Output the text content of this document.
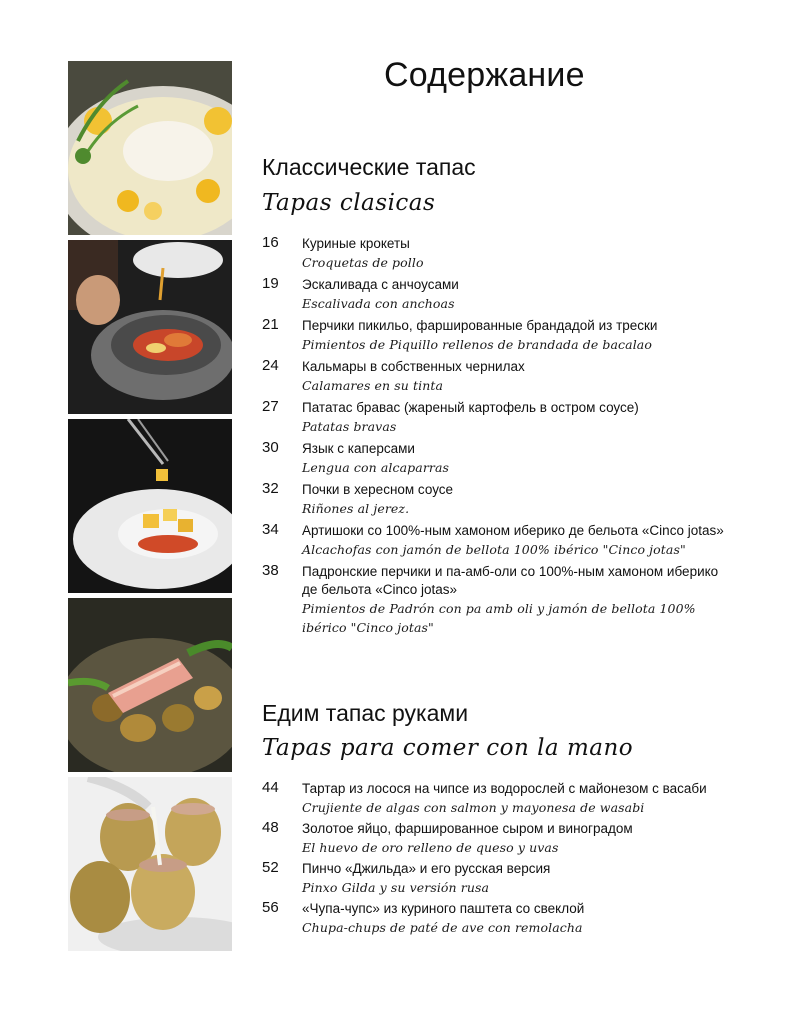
Содержание
Классические тапас
Tapas clasicas
16 Куриные крокеты
Croquetas de pollo
19 Эскаливада с анчоусами
Escalivada con anchoas
21 Перчики пикильо, фаршированные брандадой из трески
Pimientos de Piquillo rellenos de brandada de bacalao
24 Кальмары в собственных чернилах
Calamares en su tinta
27 Пататас бравас (жареный картофель в остром соусе)
Patatas bravas
30 Язык с каперсами
Lengua con alcaparras
32 Почки в хересном соусе
Riñones al jerez.
34 Артишоки со 100%-ным хамоном иберико де бельота «Cinco jotas»
Alcachofas con jamón de bellota 100% ibérico "Cinco jotas"
38 Падронские перчики и па-амб-оли со 100%-ным хамоном иберико де бельота «Cinco jotas»
Pimientos de Padrón con pa amb oli y jamón de bellota 100% ibérico "Cinco jotas"
Едим тапас руками
Tapas para comer con la mano
44 Тартар из лосося на чипсе из водорослей с майонезом с васаби
Crujiente de algas con salmon y mayonesa de wasabi
48 Золотое яйцо, фаршированное сыром и виноградом
El huevo de oro relleno de queso y uvas
52 Пинчо «Джильда» и его русская версия
Pinxo Gilda y su versión rusa
56 «Чупа-чупс» из куриного паштета со свеклой
Chupa-chups de paté de ave con remolacha
